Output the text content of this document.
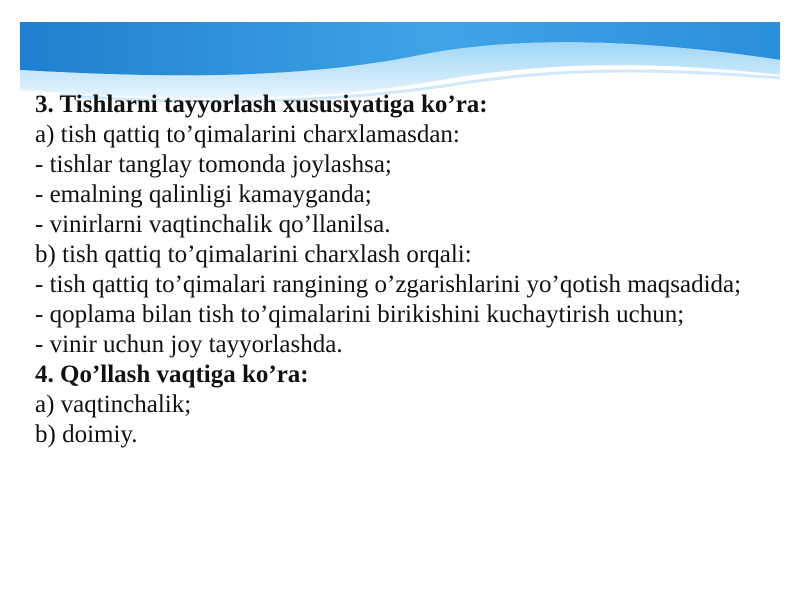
3. Tishlarni tayyorlash xususiyatiga ko’ra:
a) tish qattiq to’qimalarini charxlamasdan:
- tishlar tanglay tomonda joylashsa;
- emalning qalinligi kamayganda;
- vinirlarni vaqtinchalik qo’llanilsa.
b) tish qattiq to’qimalarini charxlash orqali:
- tish qattiq to’qimalari rangining o’zgarishlarini yo’qotish maqsadida;
- qoplama bilan tish to’qimalarini birikishini kuchaytirish uchun;
- vinir uchun joy tayyorlashda.
4. Qo’llash vaqtiga ko’ra:
a) vaqtinchalik;
b) doimiy.
